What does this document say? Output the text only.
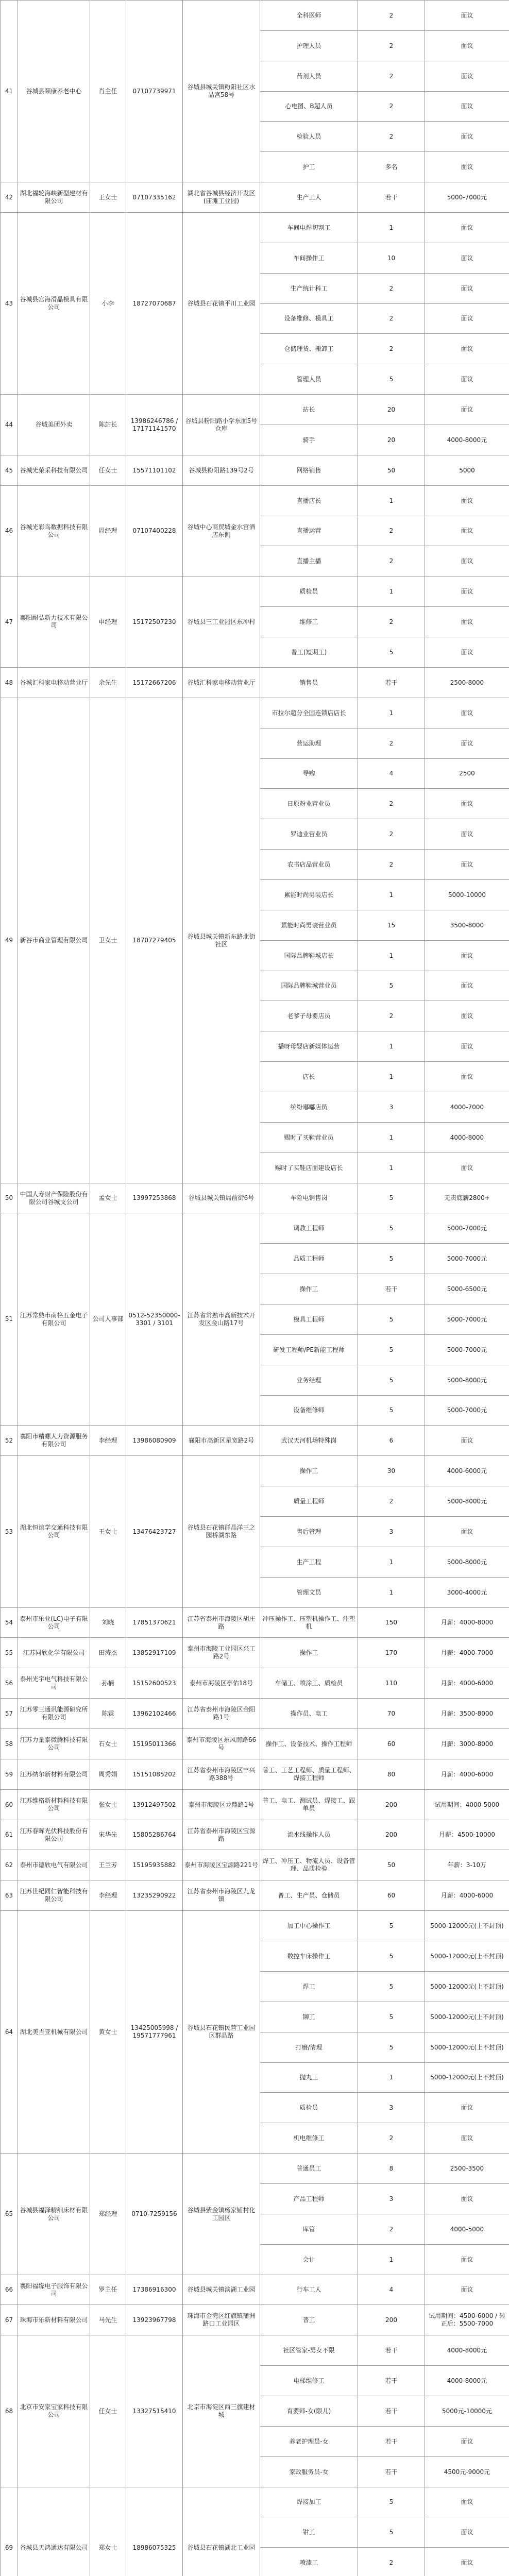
41	谷城县颐康养老中心	肖主任	07107739971	谷城县城关镇粉阳社区水晶宫58号	全科医师	2	面议
					护理人员	2	面议
					药剂人员	2	面议
					心电图、B超人员	2	面议
					检验人员	2	面议
					护工	多名	面议
42	湖北福轮海峡新型建材有限公司	王女士	07107335162	湖北省谷城县经济开发区(庙滩工业园)	生产工人	若干	5000-7000元
43	谷城县宫海滑晶模具有限公司	小李	18727070687	谷城县石花镇平川工业园	车间电焊切割工	1	面议
					车间操作工	10	面议
					生产统计科工	2	面议
					设备维修、模具工	2	面议
					仓储理货、搬卸工	2	面议
					管理人员	5	面议
44	谷城美团外卖	陈站长	13986246786 / 17171141570	谷城县粉阳路小学东面5号仓库	站长	20	面议
					骑手	20	4000-8000元
45	谷城光荣采科技有限公司	任女士	15571101102	谷城县粉阳路139号2号	网络销售	50	5000
46	谷城光彩鸟数据科技有限公司	周经理	07107400228	谷城中心商贸城金水宫酒店东侧	直播店长	1	面议
					直播运营	2	面议
					直播主播	2	面议
47	襄阳耐弘新力技术有限公司	申经理	15172507230	谷城县三工业园区东冲村	质检员	1	面议
					维修工	2	面议
					普工(短期工)	5	面议
48	谷城汇科家电移动营业厅	余先生	15172667206	谷城汇科家电移动营业厅	销售员	若干	2500-8000
49	新谷市商业管理有限公司	卫女士	18707279405	谷城县城关镇新东路北街社区	市拉尔超分全国连锁店店长	1	面议
					营运助理	2	面议
					导购	4	2500
					日原粉业营业员	2	面议
					罗迪业营业员	2	面议
					农书店品营业员	2	面议
					累能时尚男装店长	1	5000-10000
					累能时尚男装营业员	15	3500-8000
					国际品牌鞋城店长	1	面议
					国际品牌鞋城营业员	5	面议
					老爹子母婴店员	2	面议
					播呀母婴店新媒体运营	1	面议
					店长	1	面议
					缤纷嘟嘟店员	3	4000-7000
					赐时了买鞋营业员	1	4000-8000
					赐时了买鞋店面建设店长	1	面议
50	中国人寿财产保险股份有限公司谷城支公司	孟女士	13997253868	谷城县城关镇局前街6号	车险电销售岗	5	无责底薪2800+
51	江苏常熟市南格五金电子有限公司	公司人事部	0512-52350000-3301 / 3101	江苏省常熟市高新技术开发区金山路17号	调教工程师	5	5000-7000元
					品质工程师	5	5000-7000元
					操作工	若干	5000-6500元
					模具工程师	5	5000-7000元
					研发工程师/PE新能工程师	5	5000-7000元
					业务经理	5	5000-8000元
					设备维修师	5	5000-7000元
52	襄阳市精螺人力资源服务有限公司	李经理	13986080909	襄阳市高新区星宽路2号	武汉天河机场特殊岗	6	面议
53	湖北恒谊学交通科技有限公司	王女士	13476423727	谷城县石花镇群晶洋王之园桥湖东路	操作工	30	4000-6000元
					质量工程师	2	5000-8000元
					售后管理	3	面议
					生产工程	1	5000-8000元
					管理文员	1	3000-4000元
54	泰州市乐业(LC)电子有限公司	刘晓	17851370621	江苏省泰州市海陵区胡庄路	冲压操作工、压塑机操作工、注塑机	150	月薪：4000-8000
55	江苏同欣化学有限公司	田涛杰	13852917109	泰州市海陵工业园区兴工路2号	操作工	170	月薪：4000-7000
56	泰州光宇电气科技有限公司	孙楠	15152600523	泰州市海陵区亭佑18号	车储工、喷涂工、质检员	110	月薪：4000-6000
57	江苏零三通讯能源研究所有限公司	陈霖	13962102466	江苏省泰州市海陵区金阳路1号	操作员、电工	70	月薪：3500-8000
58	江苏力量泰微腾科技有限公司	石女士	15195011366	泰州市海陵区东风南路66号	操作工、设备技术、操作工程师	60	月薪：3000-8000
59	江苏纳尔新材料有限公司	周秀娟	15151085202	江苏省泰州市海陵区丰兴路388号	普工、工艺工程师、质量工程师、焊接工程师	80	月薪：4000-6000
60	江苏维格新材料科技有限公司	张女士	13912497502	泰州市海陵区龙鼎路1号	普工、电工、测试员、焊接工、跟单员	200	试用期间：4000-5000
61	江苏春晖光伏科技股份有限公司	宋华先	15805286764	江苏省泰州市海陵区宝源路	流水线操作人员	200	月薪：4500-10000
62	泰州市德欣电气有限公司	王兰芳	15195935882	泰州市海陵区宝源路221号	焊工、冲压工、物流人员、设备管理、品质检验	50	年薪：3-10万
63	江苏世纪同仁智能科技有限公司	李经理	13235290922	江苏省泰州市海陵区九龙镇	普工、生产员、仓储员	60	月薪：4000-6000
64	湖北美吉亚机械有限公司	黄女士	13425005998 / 19571777961	谷城县石花镇民营工业园区群晶路	加工中心操作工	5	5000-12000元(上不封顶)
					数控车床操作工	5	5000-12000元(上不封顶)
					焊工	5	5000-12000元(上不封顶)
					铆工	5	5000-12000元(上不封顶)
					打磨/清理	5	5000-12000元(上不封顶)
					抛丸工	1	5000-12000元(上不封顶)
					质检员	3	面议
					机电维修工	2	面议
65	谷城县福泽精细床材有限公司	郑经理	0710-7259156	谷城县紫金镇杨家铺村化工园区	普通员工	8	2500-3500
					产品工程师	3	面议
					库管	2	4000-5000
					会计	1	面议
66	襄阳福缘电子服饰有限公司	罗主任	17386916300	谷城县城关镇滨湖工业园	行车工人	4	面议
67	珠海市乐新材料有限公司	马先生	13923967798	珠海市金湾区红旗镇蒲洲路口工业园区	普工	200	试用期间：4500-6000 / 转正后：5500-7000
68	北京市安家宝家科技有限公司	任女士	13327515410	北京市海淀区西三旗建材城	社区管家-男女不限	若干	4000-8000元
					电梯维修工	若干	4000-8000元
					育婴师-女(限儿)	若干	5000元-10000元
					养老护理员-女	若干	面议
					家政服务员-女	若干	4500元-9000元
69	谷城县天鸿通达有限公司	郑女士	18986075325	谷城县石花镇湖北工业园	焊接加工	5	面议
					钳工	5	面议
					喷漆工	2	面议
